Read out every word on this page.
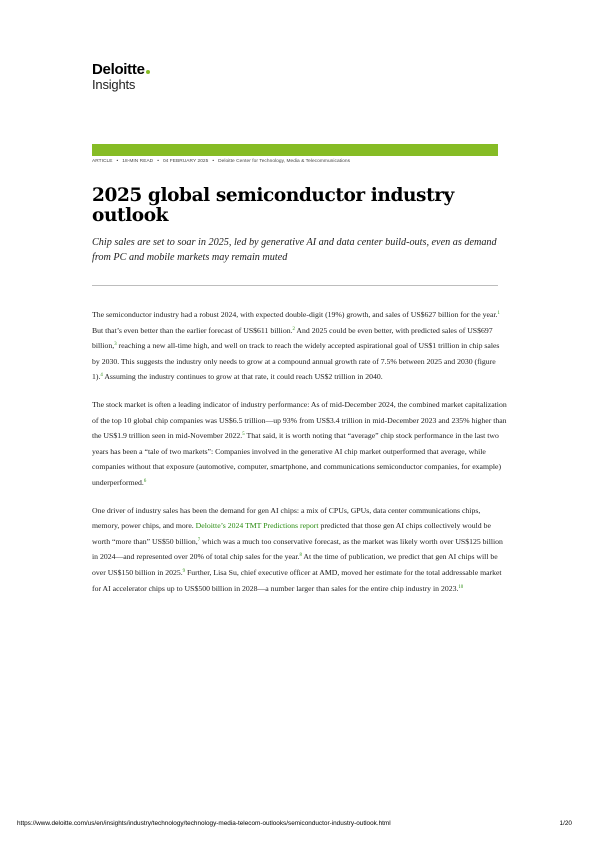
Deloitte
Insights
ARTICLE • 18-MIN READ • 04 FEBRUARY 2025 • Deloitte Center for Technology, Media & Telecommunications
2025 global semiconductor industry outlook

Chip sales are set to soar in 2025, led by generative AI and data center build-outs, even as demand from PC and mobile markets may remain muted

The semiconductor industry had a robust 2024, with expected double-digit (19%) growth, and sales of US$627 billion for the year.$^1$ But that’s even better than the earlier forecast of US$611 billion.$^2$ And 2025 could be even better, with predicted sales of US$697 billion,$^3$ reaching a new all-time high, and well on track to reach the widely accepted aspirational goal of US$1 trillion in chip sales by 2030. This suggests the industry only needs to grow at a compound annual growth rate of 7.5% between 2025 and 2030 (figure 1).$^4$ Assuming the industry continues to grow at that rate, it could reach US$2 trillion in 2040.

The stock market is often a leading indicator of industry performance: As of mid-December 2024, the combined market capitalization of the top 10 global chip companies was US$6.5 trillion—up 93% from US$3.4 trillion in mid-December 2023 and 235% higher than the US$1.9 trillion seen in mid-November 2022.$^5$ That said, it is worth noting that “average” chip stock performance in the last two years has been a “tale of two markets”: Companies involved in the generative AI chip market outperformed that average, while companies without that exposure (automotive, computer, smartphone, and communications semiconductor companies, for example) underperformed.$^6$

One driver of industry sales has been the demand for gen AI chips: a mix of CPUs, GPUs, data center communications chips, memory, power chips, and more. Deloitte’s 2024 TMT Predictions report predicted that those gen AI chips collectively would be worth “more than” US$50 billion,$^7$ which was a much too conservative forecast, as the market was likely worth over US$125 billion in 2024—and represented over 20% of total chip sales for the year.$^8$ At the time of publication, we predict that gen AI chips will be over US$150 billion in 2025.$^9$ Further, Lisa Su, chief executive officer at AMD, moved her estimate for the total addressable market for AI accelerator chips up to US$500 billion in 2028—a number larger than sales for the entire chip industry in 2023.10

https://www.deloitte.com/us/en/insights/industry/technology/technology-media-telecom-outlooks/semiconductor-industry-outlook.html	1/20
